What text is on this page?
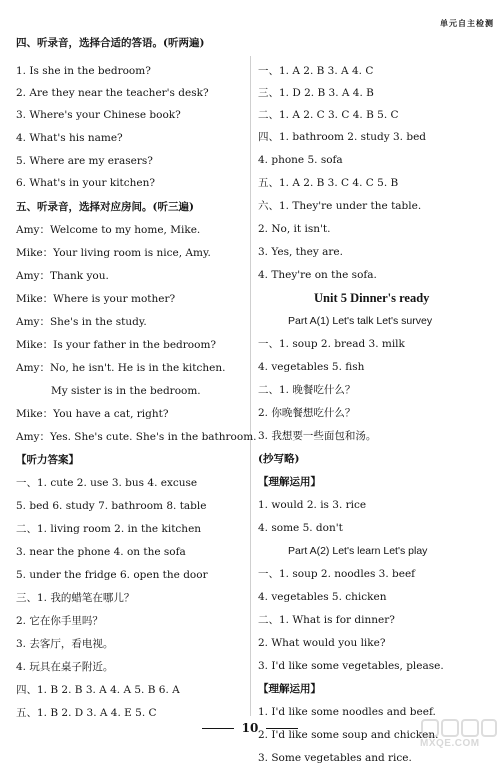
单元自主检测
四、听录音，选择合适的答语。(听两遍)
1. Is she in the bedroom?
2. Are they near the teacher's desk?
3. Where's your Chinese book?
4. What's his name?
5. Where are my erasers?
6. What's in your kitchen?
五、听录音，选择对应房间。(听三遍)
Amy：Welcome to my home, Mike.
Mike：Your living room is nice, Amy.
Amy：Thank you.
Mike：Where is your mother?
Amy：She's in the study.
Mike：Is your father in the bedroom?
Amy：No, he isn't. He is in the kitchen.
My sister is in the bedroom.
Mike：You have a cat, right?
Amy：Yes. She's cute. She's in the bathroom.
【听力答案】
一、1. cute 2. use 3. bus 4. excuse
5. bed 6. study 7. bathroom 8. table
二、1. living room 2. in the kitchen
3. near the phone 4. on the sofa
5. under the fridge 6. open the door
三、1. 我的蜡笔在哪儿？
2. 它在你手里吗？
3. 去客厅，看电视。
4. 玩具在桌子附近。
四、1. B 2. B 3. A 4. A 5. B 6. A
五、1. B 2. D 3. A 4. E 5. C
一、1. A 2. B 3. A 4. C
三、1. D 2. B 3. A 4. B
二、1. A 2. C 3. C 4. B 5. C
四、1. bathroom 2. study 3. bed
4. phone 5. sofa
五、1. A 2. B 3. C 4. C 5. B
六、1. They're under the table.
2. No, it isn't.
3. Yes, they are.
4. They're on the sofa.
Unit 5 Dinner's ready
Part A(1) Let's talk Let's survey
一、1. soup 2. bread 3. milk
4. vegetables 5. fish
二、1. 晚餐吃什么？
2. 你晚餐想吃什么？
3. 我想要一些面包和汤。
(抄写略)
【理解运用】
1. would 2. is 3. rice
4. some 5. don't
Part A(2) Let's learn Let's play
一、1. soup 2. noodles 3. beef
4. vegetables 5. chicken
二、1. What is for dinner?
2. What would you like?
3. I'd like some vegetables, please.
【理解运用】
1. I'd like some noodles and beef.
2. I'd like some soup and chicken.
3. Some vegetables and rice.
10
MXQE.COM
